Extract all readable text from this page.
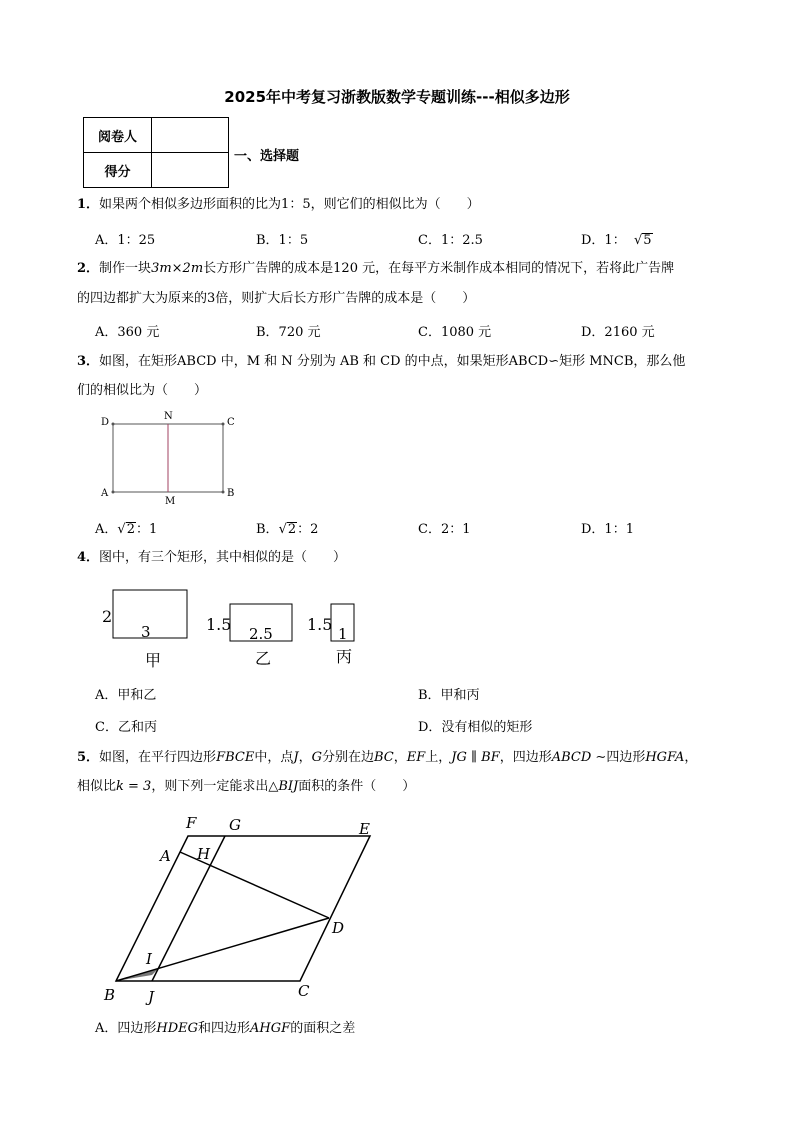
2025年中考复习浙教版数学专题训练---相似多边形
阅卷人	
得分	
一、选择题
1．如果两个相似多边形面积的比为1：5，则它们的相似比为（　　）
A．1：25	B．1：5	C．1：2.5	D．1：  √5
2．制作一块3m×2m长方形广告牌的成本是120 元，在每平方米制作成本相同的情况下，若将此广告牌
的四边都扩大为原来的3倍，则扩大后长方形广告牌的成本是（　　）
A．360 元	B．720 元	C．1080 元	D．2160 元
3．如图，在矩形ABCD 中，M 和 N 分别为 AB 和 CD 的中点，如果矩形ABCD∽矩形 MNCB，那么他
们的相似比为（　　）
D
N
C
A
M
B
A．√2：1	B．√2：2	C．2：1	D．1：1
4．图中，有三个矩形，其中相似的是（　　）
2
3
甲
1.5 2.5
乙
1.5 1
丙
A．甲和乙	B．甲和丙
C．乙和丙	D．没有相似的矩形
5．如图，在平行四边形FBCE中，点J，G分别在边BC，EF上，JG ∥ BF，四边形ABCD ∼四边形HGFA，
相似比k = 3，则下列一定能求出△BIJ面积的条件（　　）
F G	E
A H
D
I
B J	C
A．四边形HDEG和四边形AHGF的面积之差
